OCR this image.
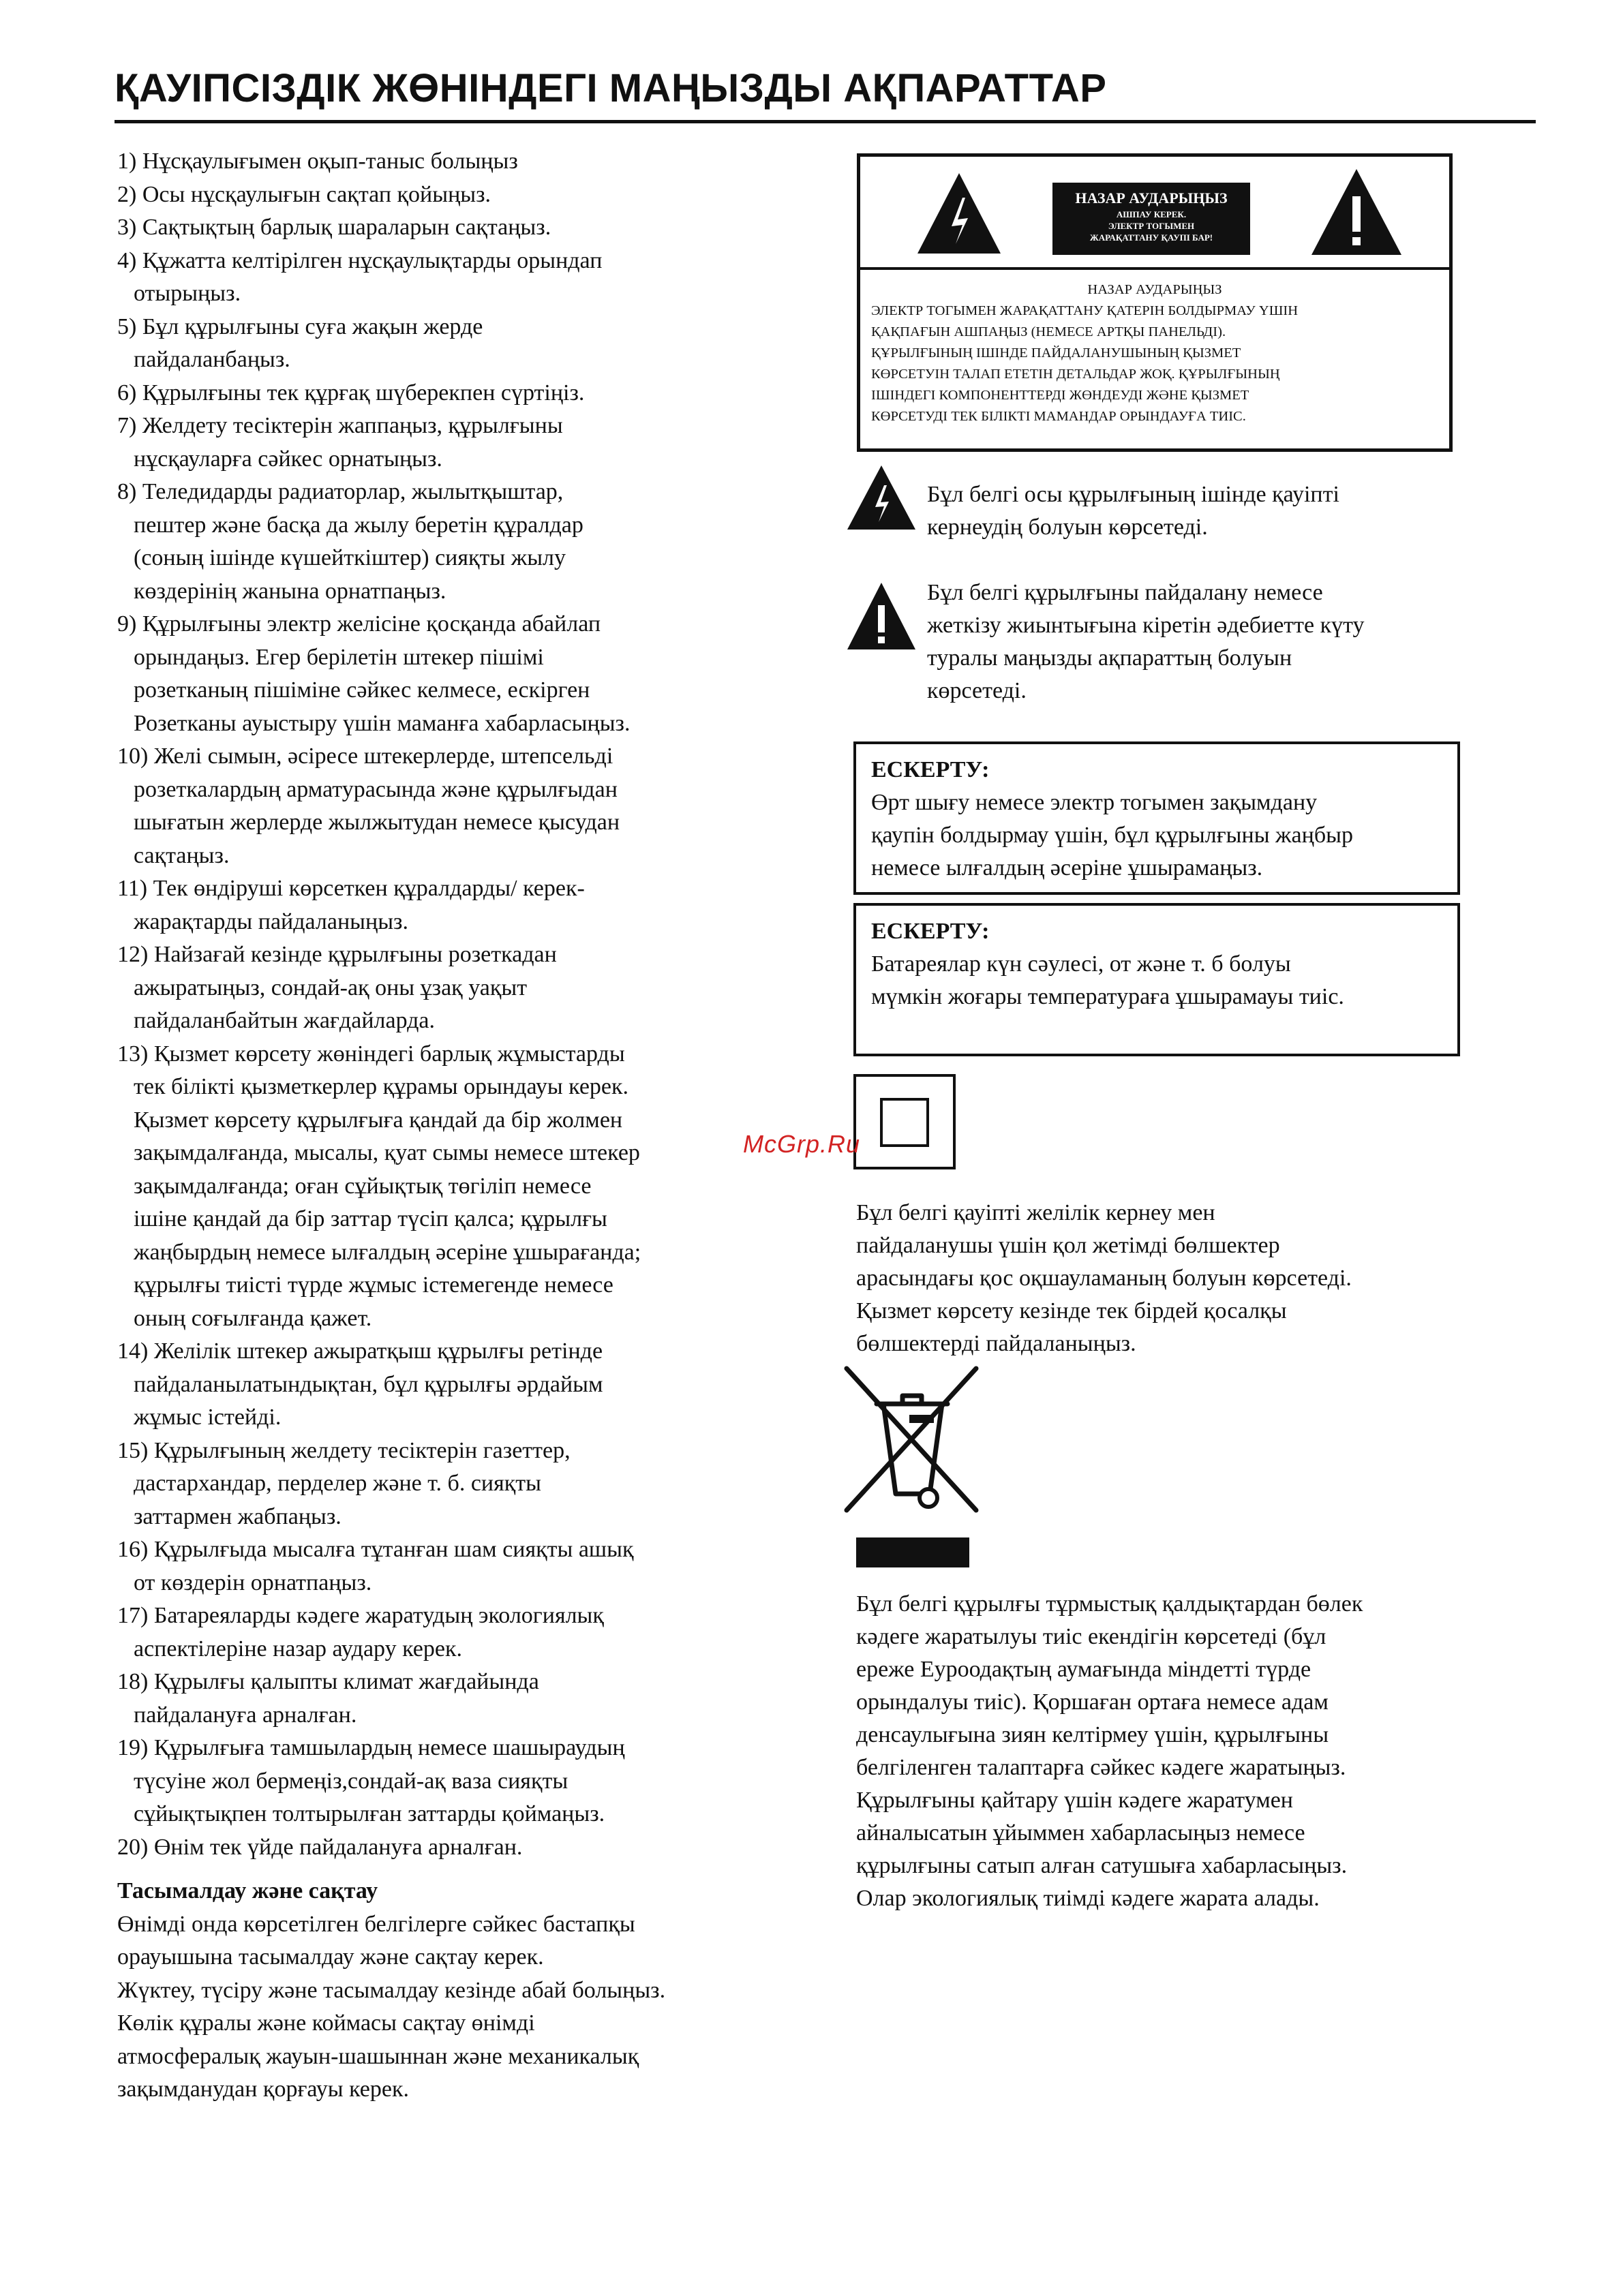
ҚАУІПСІЗДІК ЖӨНІНДЕГІ МАҢЫЗДЫ АҚПАРАТТАР
1) Нұсқаулығымен оқып-таныс болыңыз
2) Осы нұсқаулығын сақтап қойыңыз.
3) Сақтықтың барлық шараларын сақтаңыз.
4) Құжатта келтірілген нұсқаулықтарды орындап
отырыңыз.
5) Бұл құрылғыны суға жақын жерде
пайдаланбаңыз.
6) Құрылғыны тек құрғақ шүберекпен сүртіңіз.
7) Желдету тесіктерін жаппаңыз, құрылғыны
нұсқауларға сәйкес орнатыңыз.
8) Теледидарды радиаторлар, жылытқыштар,
пештер және басқа да жылу беретін құралдар
(соның ішінде күшейткіштер) сияқты жылу
көздерінің жанына орнатпаңыз.
9) Құрылғыны электр желісіне қосқанда абайлап
орындаңыз. Егер берілетін штекер пішімі
розетканың пішіміне сәйкес келмесе, ескірген
Розетканы ауыстыру үшін маманға хабарласыңыз.
10) Желі сымын, әсіресе штекерлерде, штепсельді
розеткалардың арматурасында және құрылғыдан
шығатын жерлерде жылжытудан немесе қысудан
сақтаңыз.
11) Тек өндіруші көрсеткен құралдарды/ керек-
жарақтарды пайдаланыңыз.
12) Найзағай кезінде құрылғыны розеткадан
ажыратыңыз, сондай-ақ оны ұзақ уақыт
пайдаланбайтын жағдайларда.
13) Қызмет көрсету жөніндегі барлық жұмыстарды
тек білікті қызметкерлер құрамы орындауы керек.
Қызмет көрсету құрылғыға қандай да бір жолмен
зақымдалғанда, мысалы, қуат сымы немесе штекер
зақымдалғанда; оған сұйықтық төгіліп немесе
ішіне қандай да бір заттар түсіп қалса; құрылғы
жаңбырдың немесе ылғалдың әсеріне ұшырағанда;
құрылғы тиісті түрде жұмыс істемегенде немесе
оның соғылғанда қажет.
14) Желілік штекер ажыратқыш құрылғы ретінде
пайдаланылатындықтан, бұл құрылғы әрдайым
жұмыс істейді.
15) Құрылғының желдету тесіктерін газеттер,
дастархандар, перделер және т. б. сияқты
заттармен жабпаңыз.
16) Құрылғыда мысалға тұтанған шам сияқты ашық
от көздерін орнатпаңыз.
17) Батареяларды кәдеге жаратудың экологиялық
аспектілеріне назар аудару керек.
18) Құрылғы қалыпты климат жағдайында
пайдалануға арналған.
19) Құрылғыға тамшылардың немесе шашыраудың
түсуіне жол бермеңіз,сондай-ақ ваза сияқты
сұйықтықпен толтырылған заттарды қоймаңыз.
20) Өнім тек үйде пайдалануға арналған.
Тасымалдау және сақтау

Өнімді онда көрсетілген белгілерге сәйкес бастапқы

орауышына тасымалдау және сақтау керек.

Жүктеу, түсіру және тасымалдау кезінде абай болыңыз.

Көлік құралы және коймасы сақтау өнімді

атмосфералық жауын-шашыннан және механикалық

зақымданудан қорғауы керек.

НАЗАР АУДАРЫҢЫЗ
АШПАУ КЕРЕК.
ЭЛЕКТР ТОГЫМЕН
ЖАРАҚАТТАНУ ҚАУПІ БАР!
НАЗАР АУДАРЫҢЫЗ
ЭЛЕКТР ТОГЫМЕН ЖАРАҚАТТАНУ ҚАТЕРІН БОЛДЫРМАУ ҮШІН
ҚАҚПАҒЫН АШПАҢЫЗ (НЕМЕСЕ АРТҚЫ ПАНЕЛЬДІ).
ҚҰРЫЛҒЫНЫҢ ІШІНДЕ ПАЙДАЛАНУШЫНЫҢ ҚЫЗМЕТ
КӨРСЕТУІН ТАЛАП ЕТЕТІН ДЕТАЛЬДАР ЖОҚ. ҚҰРЫЛҒЫНЫҢ
ІШІНДЕГІ КОМПОНЕНТТЕРДІ ЖӨНДЕУДІ ЖӘНЕ ҚЫЗМЕТ
КӨРСЕТУДІ ТЕК БІЛІКТІ МАМАНДАР ОРЫНДАУҒА ТИІС.
Бұл белгі осы құрылғының ішінде қауіпті
кернеудің болуын көрсетеді.
Бұл белгі құрылғыны пайдалану немесе
жеткізу жиынтығына кіретін әдебиетте күту
туралы маңызды ақпараттың болуын
көрсетеді.
ЕСКЕРТУ:
Өрт шығу немесе электр тогымен зақымдану
қаупін болдырмау үшін, бұл құрылғыны жаңбыр
немесе ылғалдың әсеріне ұшырамаңыз.
ЕСКЕРТУ:
Батареялар күн сәулесі, от және т. б болуы
мүмкін жоғары температураға ұшырамауы тиіс.
McGrp.Ru
Бұл белгі қауіпті желілік кернеу мен
пайдаланушы үшін қол жетімді бөлшектер
арасындағы қос оқшауламаның болуын көрсетеді.
Қызмет көрсету кезінде тек бірдей қосалқы
бөлшектерді пайдаланыңыз.
Бұл белгі құрылғы тұрмыстық қалдықтардан бөлек
кәдеге жаратылуы тиіс екендігін көрсетеді (бұл
ереже Еуроодақтың аумағында міндетті түрде
орындалуы тиіс). Қоршаған ортаға немесе адам
денсаулығына зиян келтірмеу үшін, құрылғыны
белгіленген талаптарға сәйкес кәдеге жаратыңыз.
Құрылғыны қайтару үшін кәдеге жаратумен
айналысатын ұйыммен хабарласыңыз немесе
құрылғыны сатып алған сатушыға хабарласыңыз.
Олар экологиялық тиімді кәдеге жарата алады.
